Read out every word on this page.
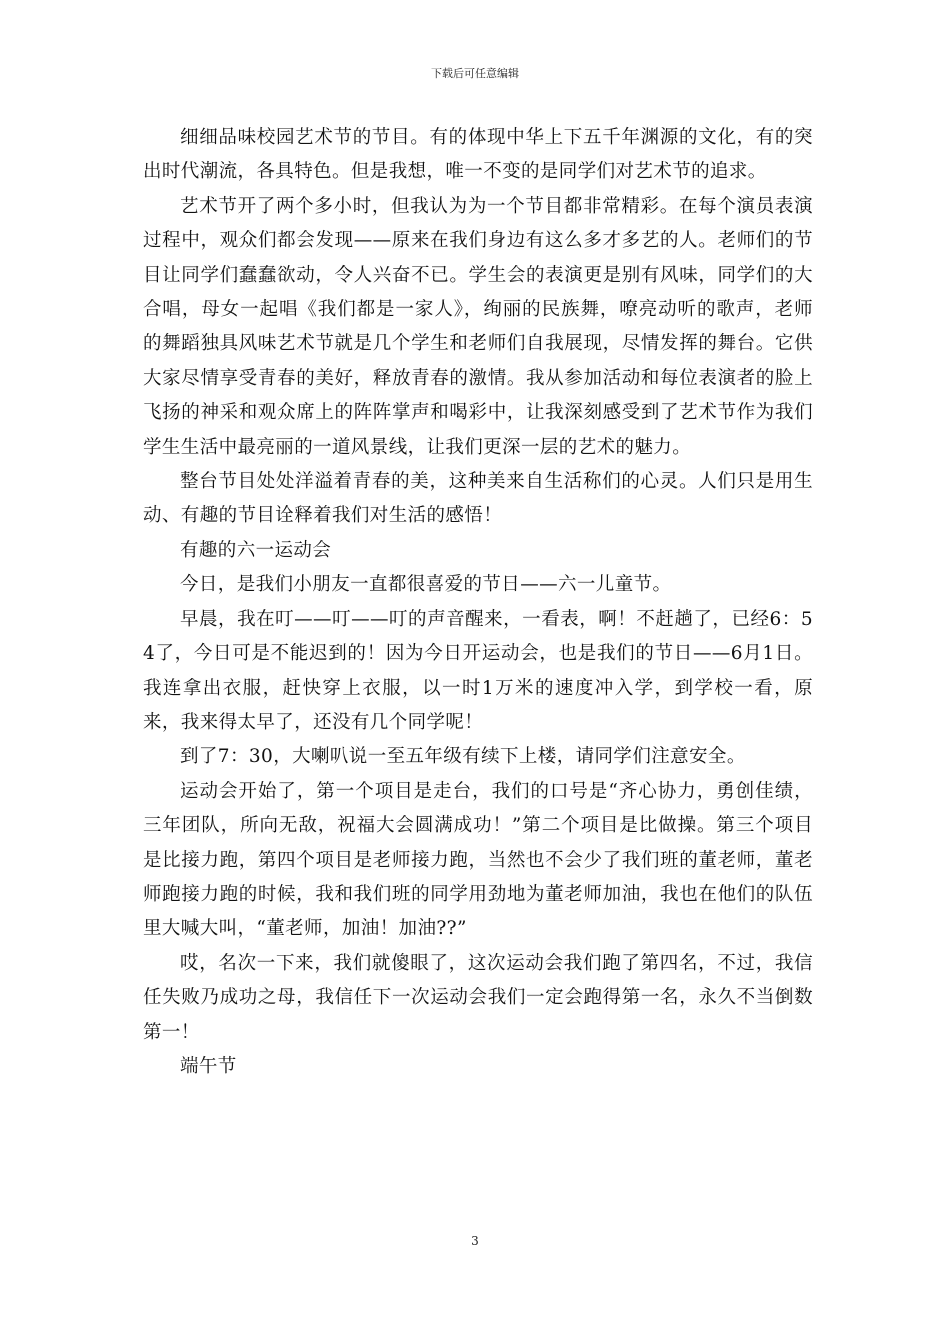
下载后可任意编辑

细细品味校园艺术节的节目。有的体现中华上下五千年渊源的文化，有的突出时代潮流，各具特色。但是我想，唯一不变的是同学们对艺术节的追求。

艺术节开了两个多小时，但我认为为一个节目都非常精彩。在每个演员表演过程中，观众们都会发现——原来在我们身边有这么多才多艺的人。老师们的节目让同学们蠢蠢欲动，令人兴奋不已。学生会的表演更是别有风味，同学们的大合唱，母女一起唱《我们都是一家人》，绚丽的民族舞，嘹亮动听的歌声，老师的舞蹈独具风味艺术节就是几个学生和老师们自我展现，尽情发挥的舞台。它供大家尽情享受青春的美好，释放青春的激情。我从参加活动和每位表演者的脸上飞扬的神采和观众席上的阵阵掌声和喝彩中，让我深刻感受到了艺术节作为我们学生生活中最亮丽的一道风景线，让我们更深一层的艺术的魅力。

整台节目处处洋溢着青春的美，这种美来自生活称们的心灵。人们只是用生动、有趣的节目诠释着我们对生活的感悟！

有趣的六一运动会

今日，是我们小朋友一直都很喜爱的节日——六一儿童节。

早晨，我在叮——叮——叮的声音醒来，一看表，啊！不赶趟了，已经6：54了，今日可是不能迟到的！因为今日开运动会，也是我们的节日——6月1日。我连拿出衣服，赶快穿上衣服，以一时1万米的速度冲入学，到学校一看，原来，我来得太早了，还没有几个同学呢！

到了7：30，大喇叭说一至五年级有续下上楼，请同学们注意安全。

运动会开始了，第一个项目是走台，我们的口号是“齐心协力，勇创佳绩，三年团队，所向无敌，祝福大会圆满成功！”第二个项目是比做操。第三个项目是比接力跑，第四个项目是老师接力跑，当然也不会少了我们班的董老师，董老师跑接力跑的时候，我和我们班的同学用劲地为董老师加油，我也在他们的队伍里大喊大叫，“董老师，加油！加油??”

哎，名次一下来，我们就傻眼了，这次运动会我们跑了第四名，不过，我信任失败乃成功之母，我信任下一次运动会我们一定会跑得第一名，永久不当倒数第一！

端午节

3
